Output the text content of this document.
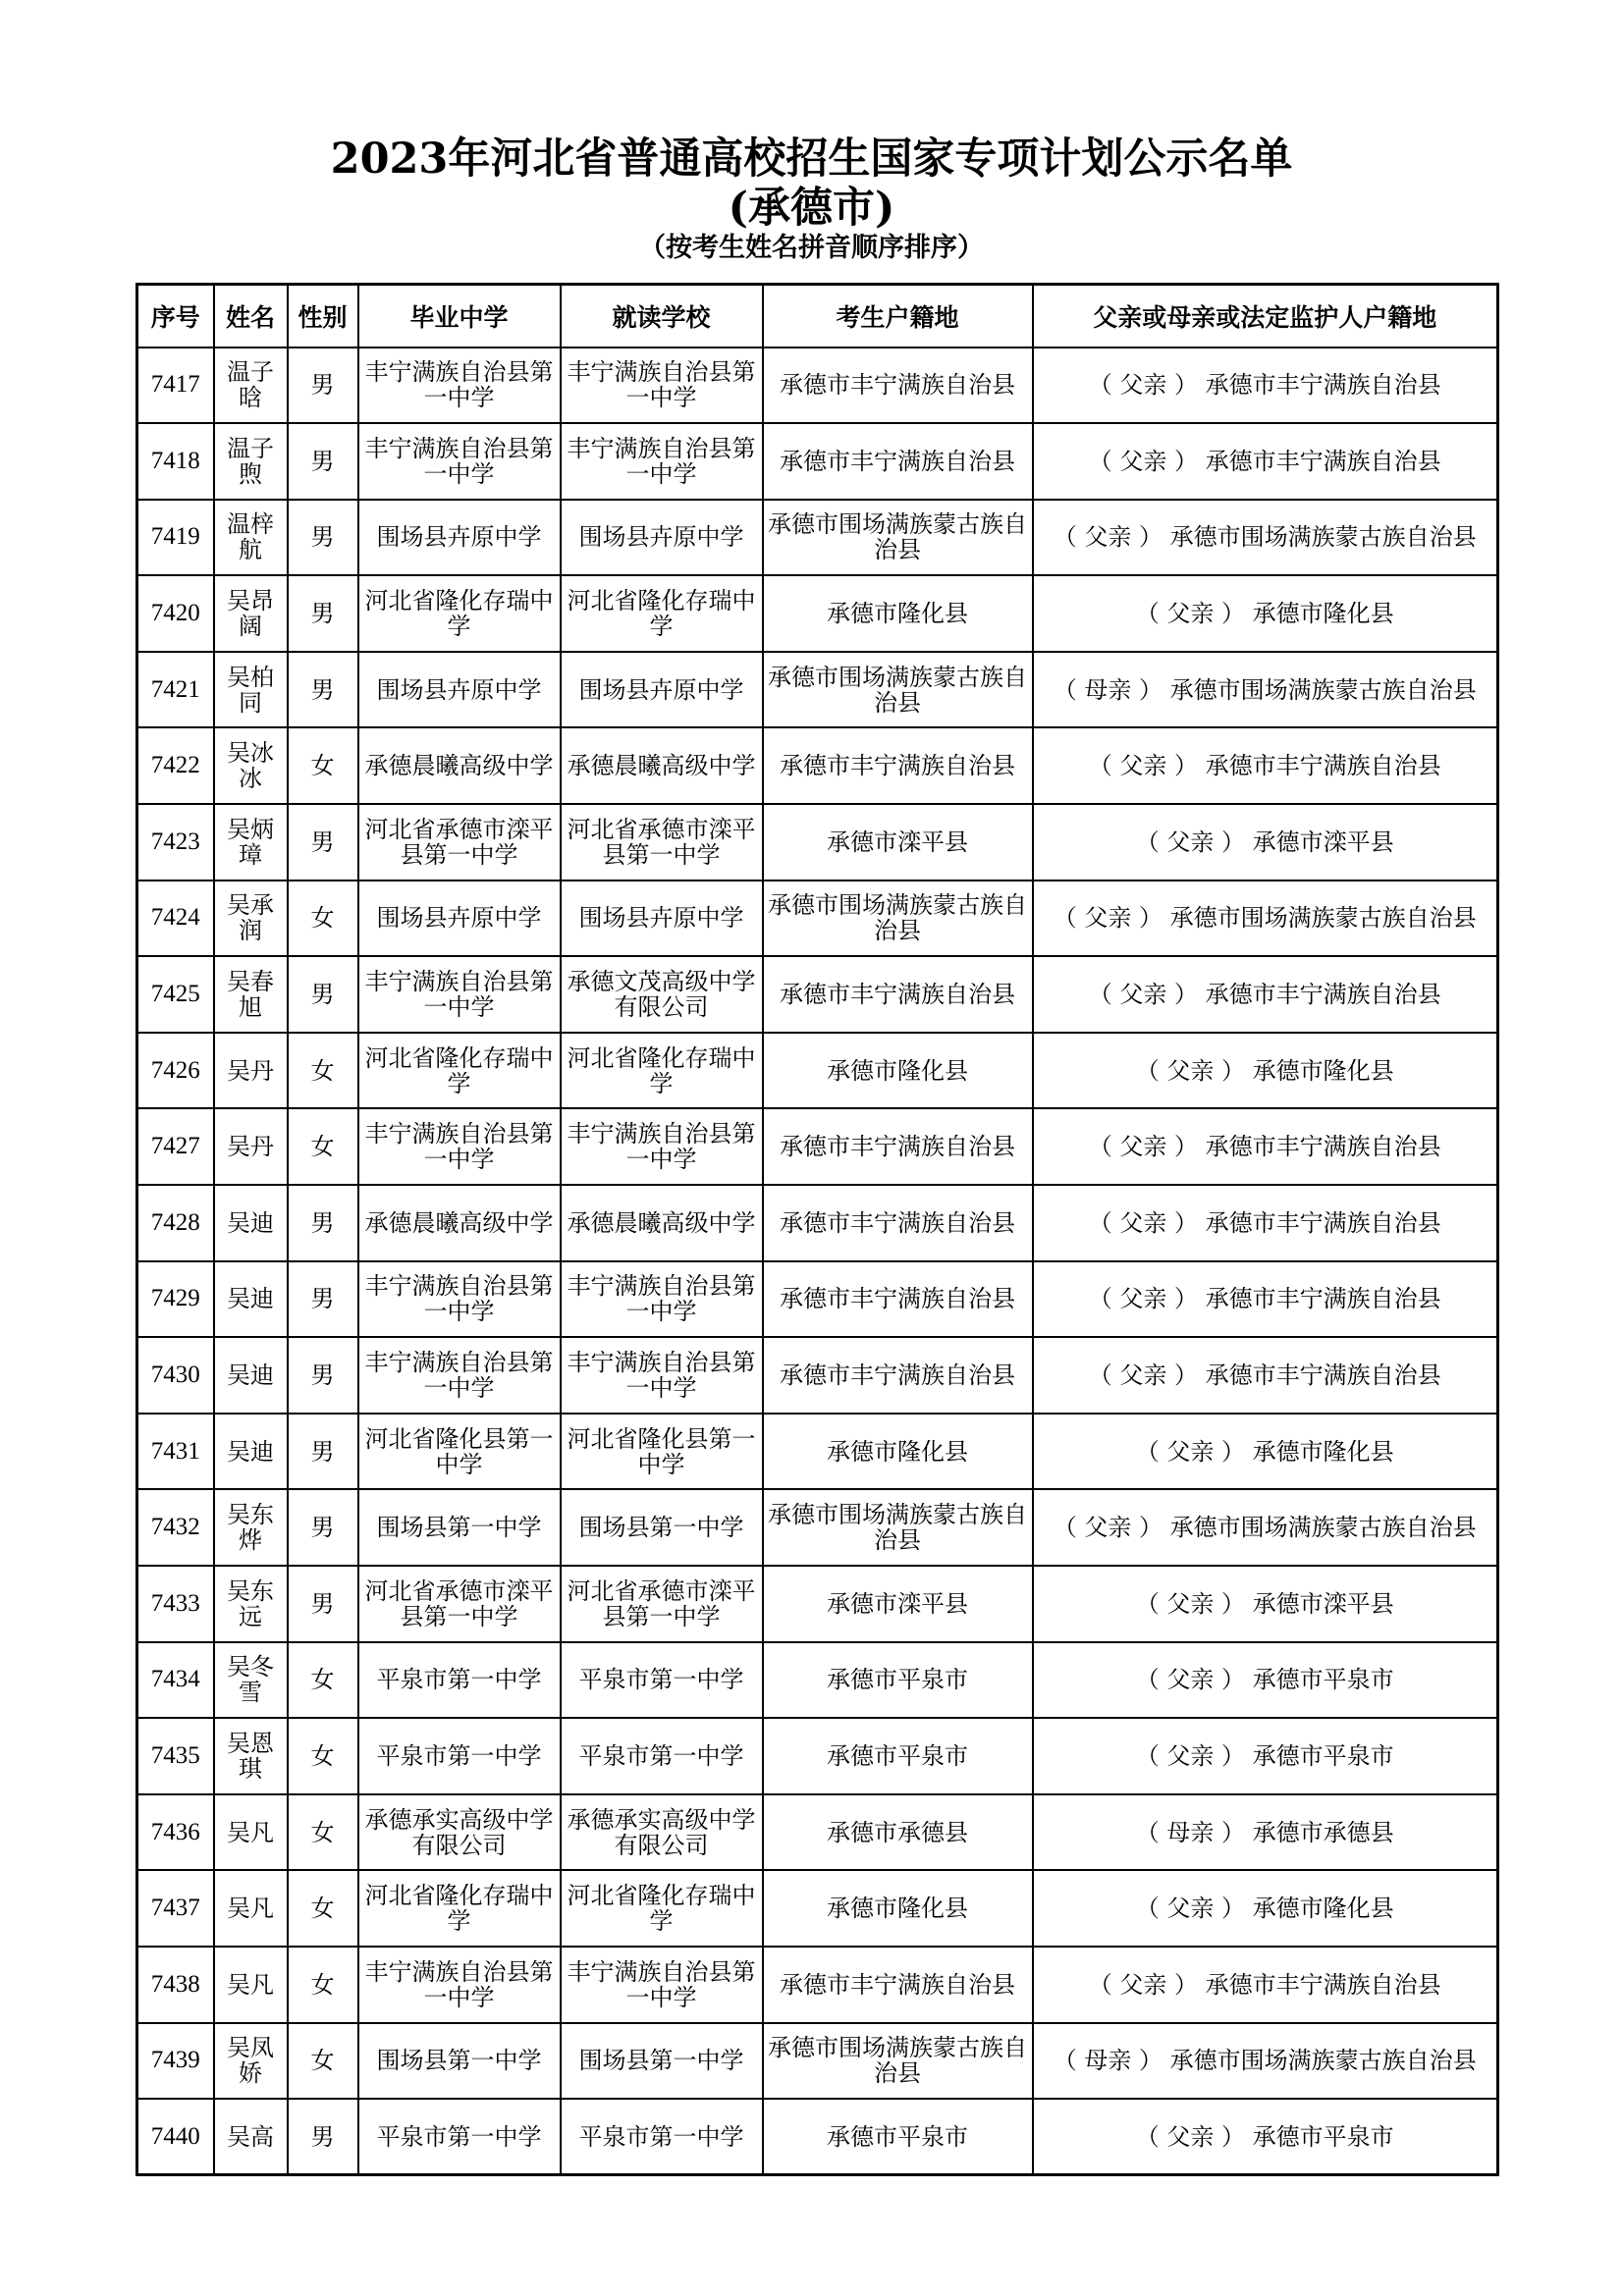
2023年河北省普通高校招生国家专项计划公示名单
(承德市)
（按考生姓名拼音顺序排序）
序号	姓名	性别	毕业中学	就读学校	考生户籍地	父亲或母亲或法定监护人户籍地
7417	温子晗	男	丰宁满族自治县第一中学	丰宁满族自治县第一中学	承德市丰宁满族自治县	（ 父亲 ） 承德市丰宁满族自治县
7418	温子煦	男	丰宁满族自治县第一中学	丰宁满族自治县第一中学	承德市丰宁满族自治县	（ 父亲 ） 承德市丰宁满族自治县
7419	温梓航	男	围场县卉原中学	围场县卉原中学	承德市围场满族蒙古族自治县	（ 父亲 ） 承德市围场满族蒙古族自治县
7420	吴昂阔	男	河北省隆化存瑞中学	河北省隆化存瑞中学	承德市隆化县	（ 父亲 ） 承德市隆化县
7421	吴柏同	男	围场县卉原中学	围场县卉原中学	承德市围场满族蒙古族自治县	（ 母亲 ） 承德市围场满族蒙古族自治县
7422	吴冰冰	女	承德晨曦高级中学	承德晨曦高级中学	承德市丰宁满族自治县	（ 父亲 ） 承德市丰宁满族自治县
7423	吴炳璋	男	河北省承德市滦平县第一中学	河北省承德市滦平县第一中学	承德市滦平县	（ 父亲 ） 承德市滦平县
7424	吴承润	女	围场县卉原中学	围场县卉原中学	承德市围场满族蒙古族自治县	（ 父亲 ） 承德市围场满族蒙古族自治县
7425	吴春旭	男	丰宁满族自治县第一中学	承德文茂高级中学有限公司	承德市丰宁满族自治县	（ 父亲 ） 承德市丰宁满族自治县
7426	吴丹	女	河北省隆化存瑞中学	河北省隆化存瑞中学	承德市隆化县	（ 父亲 ） 承德市隆化县
7427	吴丹	女	丰宁满族自治县第一中学	丰宁满族自治县第一中学	承德市丰宁满族自治县	（ 父亲 ） 承德市丰宁满族自治县
7428	吴迪	男	承德晨曦高级中学	承德晨曦高级中学	承德市丰宁满族自治县	（ 父亲 ） 承德市丰宁满族自治县
7429	吴迪	男	丰宁满族自治县第一中学	丰宁满族自治县第一中学	承德市丰宁满族自治县	（ 父亲 ） 承德市丰宁满族自治县
7430	吴迪	男	丰宁满族自治县第一中学	丰宁满族自治县第一中学	承德市丰宁满族自治县	（ 父亲 ） 承德市丰宁满族自治县
7431	吴迪	男	河北省隆化县第一中学	河北省隆化县第一中学	承德市隆化县	（ 父亲 ） 承德市隆化县
7432	吴东烨	男	围场县第一中学	围场县第一中学	承德市围场满族蒙古族自治县	（ 父亲 ） 承德市围场满族蒙古族自治县
7433	吴东远	男	河北省承德市滦平县第一中学	河北省承德市滦平县第一中学	承德市滦平县	（ 父亲 ） 承德市滦平县
7434	吴冬雪	女	平泉市第一中学	平泉市第一中学	承德市平泉市	（ 父亲 ） 承德市平泉市
7435	吴恩琪	女	平泉市第一中学	平泉市第一中学	承德市平泉市	（ 父亲 ） 承德市平泉市
7436	吴凡	女	承德承实高级中学有限公司	承德承实高级中学有限公司	承德市承德县	（ 母亲 ） 承德市承德县
7437	吴凡	女	河北省隆化存瑞中学	河北省隆化存瑞中学	承德市隆化县	（ 父亲 ） 承德市隆化县
7438	吴凡	女	丰宁满族自治县第一中学	丰宁满族自治县第一中学	承德市丰宁满族自治县	（ 父亲 ） 承德市丰宁满族自治县
7439	吴凤娇	女	围场县第一中学	围场县第一中学	承德市围场满族蒙古族自治县	（ 母亲 ） 承德市围场满族蒙古族自治县
7440	吴高	男	平泉市第一中学	平泉市第一中学	承德市平泉市	（ 父亲 ） 承德市平泉市
